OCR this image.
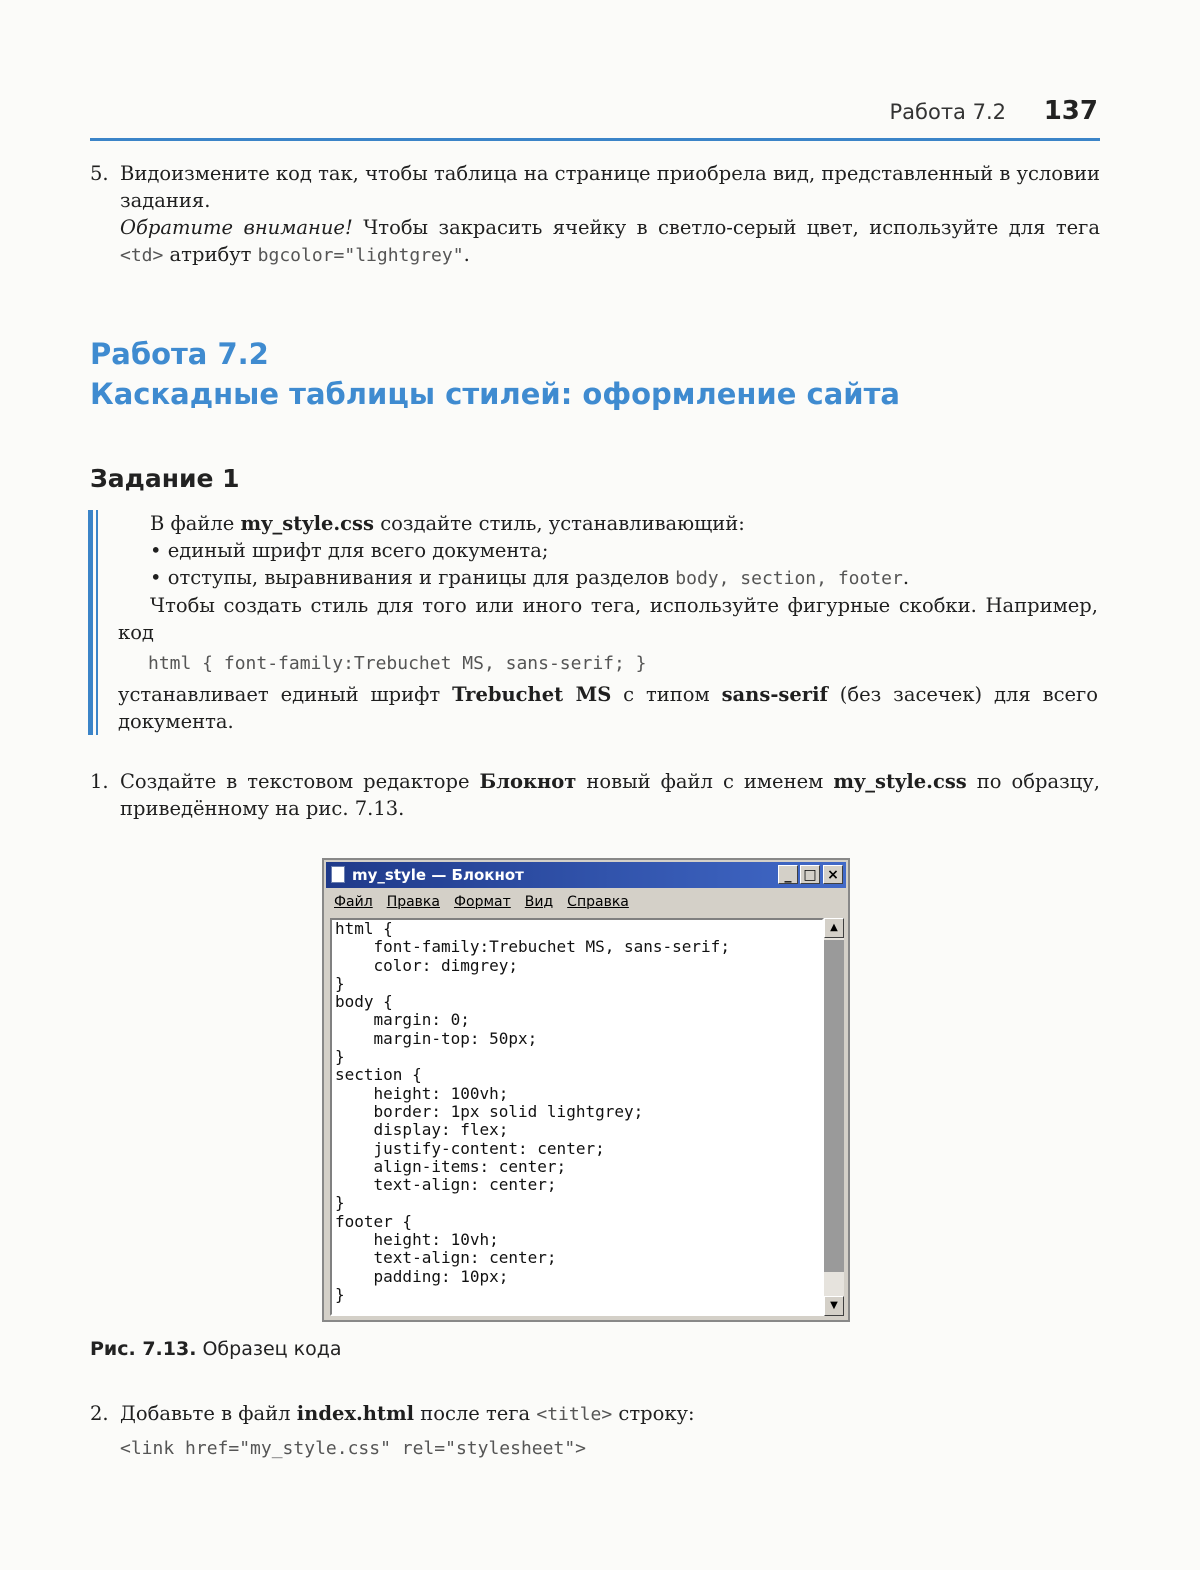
Работа 7.2 137
5. Видоизмените код так, чтобы таблица на странице приобрела вид, представленный в условии задания.
Обратите внимание! Чтобы закрасить ячейку в светло-серый цвет, используйте для тега <td> атрибут bgcolor="lightgrey".
Работа 7.2
Каскадные таблицы стилей: оформление сайта
Задание 1
В файле my_style.css создайте стиль, устанавливающий:
• единый шрифт для всего документа;
• отступы, выравнивания и границы для разделов body, section, footer.
Чтобы создать стиль для того или иного тега, используйте фигурные скобки. Например, код
html { font-family:Trebuchet MS, sans-serif; }
устанавливает единый шрифт Trebuchet MS с типом sans-serif (без засечек) для всего документа.
1. Создайте в текстовом редакторе Блокнот новый файл с именем my_style.css по образцу, приведённому на рис. 7.13.
my_style — Блокнот	_ □ ×
Файл Правка Формат Вид Справка
html {
font-family:Trebuchet MS, sans-serif;
color: dimgrey;
}
body {
margin: 0;
margin-top: 50px;
}
section {
height: 100vh;
border: 1px solid lightgrey;
display: flex;
justify-content: center;
align-items: center;
text-align: center;
}
footer {
height: 10vh;
text-align: center;
padding: 10px;
}
▲
▼
Рис. 7.13. Образец кода
2. Добавьте в файл index.html после тега <title> строку:
<link href="my_style.css" rel="stylesheet">
